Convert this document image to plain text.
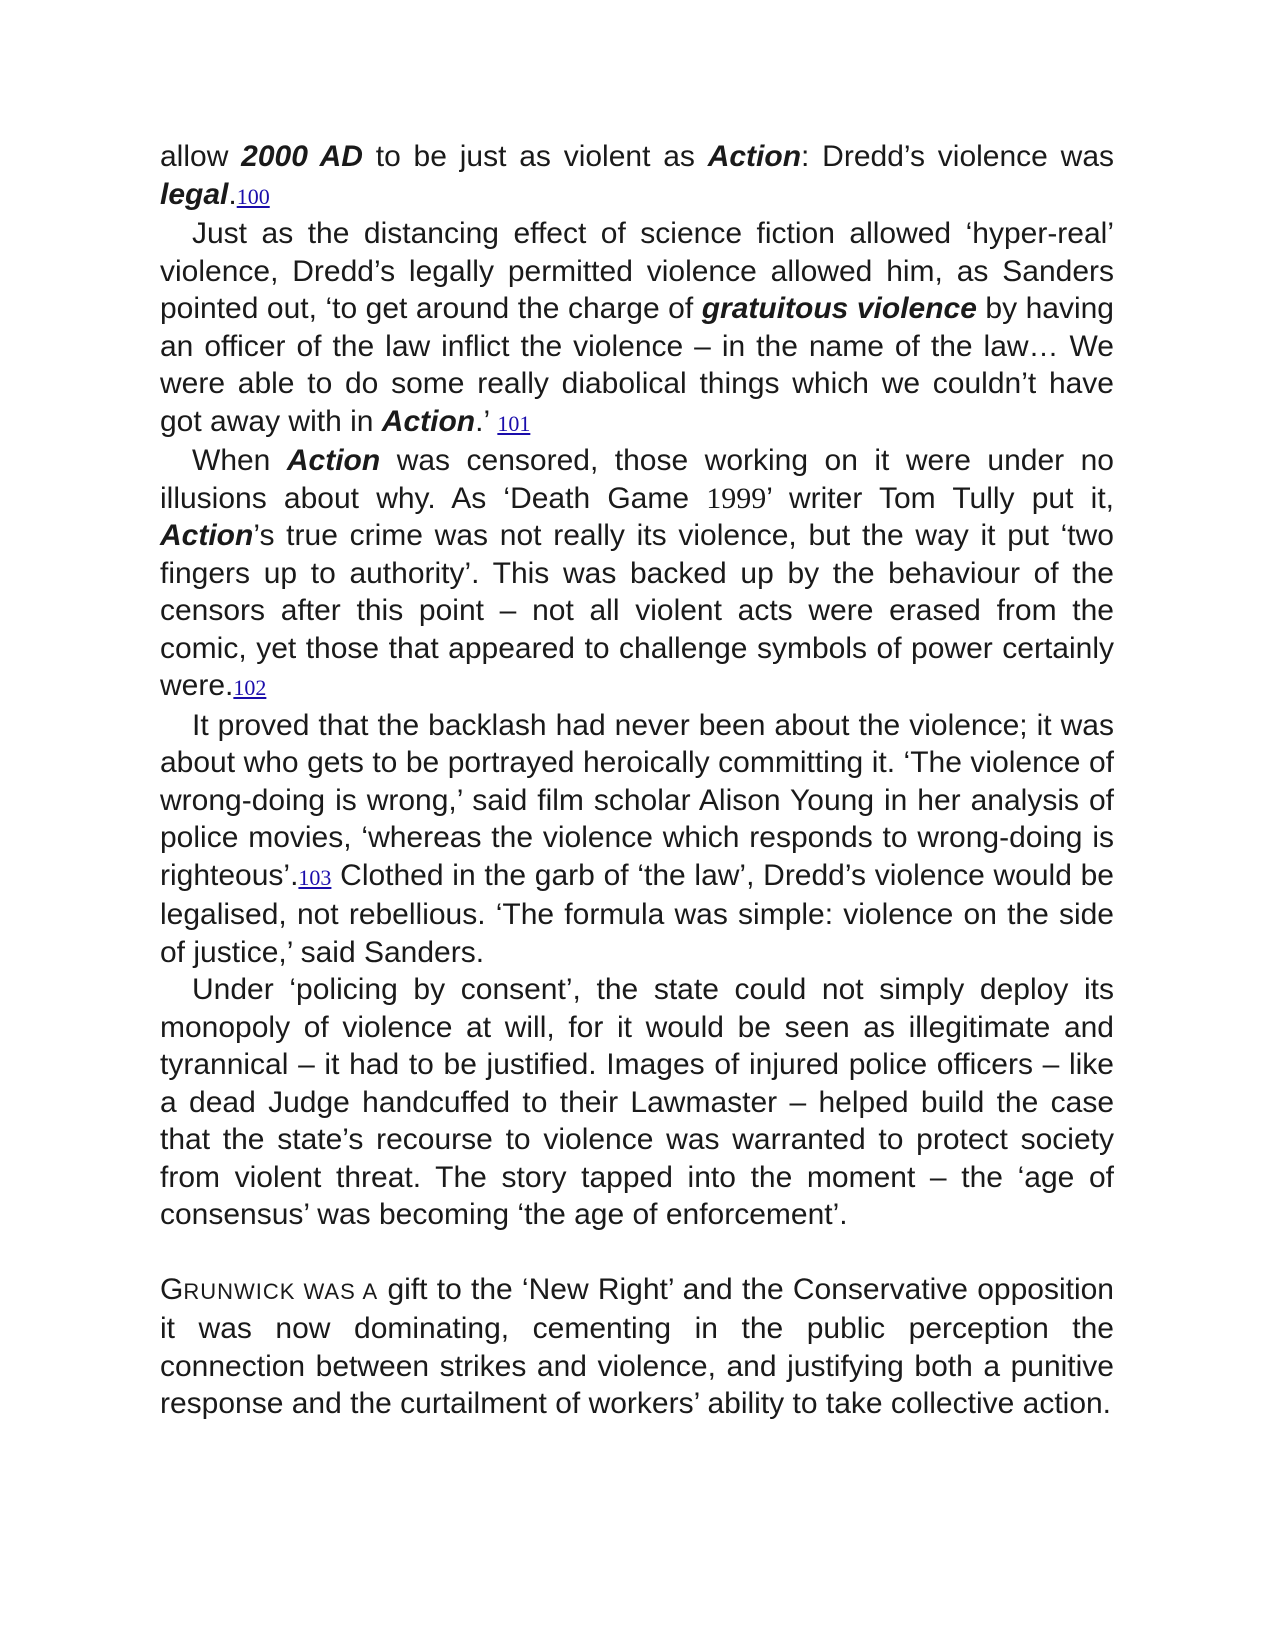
allow 2000 AD to be just as violent as Action: Dredd’s violence was legal.100

Just as the distancing effect of science fiction allowed ‘hyper-real’ violence, Dredd’s legally permitted violence allowed him, as Sanders pointed out, ‘to get around the charge of gratuitous violence by having an officer of the law inflict the violence – in the name of the law… We were able to do some really diabolical things which we couldn’t have got away with in Action.’ 101

When Action was censored, those working on it were under no illusions about why. As ‘Death Game 1999’ writer Tom Tully put it, Action’s true crime was not really its violence, but the way it put ‘two fingers up to authority’. This was backed up by the behaviour of the censors after this point – not all violent acts were erased from the comic, yet those that appeared to challenge symbols of power certainly were.102

It proved that the backlash had never been about the violence; it was about who gets to be portrayed heroically committing it. ‘The violence of wrong-doing is wrong,’ said film scholar Alison Young in her analysis of police movies, ‘whereas the violence which responds to wrong-doing is righteous’.103 Clothed in the garb of ‘the law’, Dredd’s violence would be legalised, not rebellious. ‘The formula was simple: violence on the side of justice,’ said Sanders.

Under ‘policing by consent’, the state could not simply deploy its monopoly of violence at will, for it would be seen as illegitimate and tyrannical – it had to be justified. Images of injured police officers – like a dead Judge handcuffed to their Lawmaster – helped build the case that the state’s recourse to violence was warranted to protect society from violent threat. The story tapped into the moment – the ‘age of consensus’ was becoming ‘the age of enforcement’.

GRUNWICK WAS A gift to the ‘New Right’ and the Conservative opposition it was now dominating, cementing in the public perception the connection between strikes and violence, and justifying both a punitive response and the curtailment of workers’ ability to take collective action.
